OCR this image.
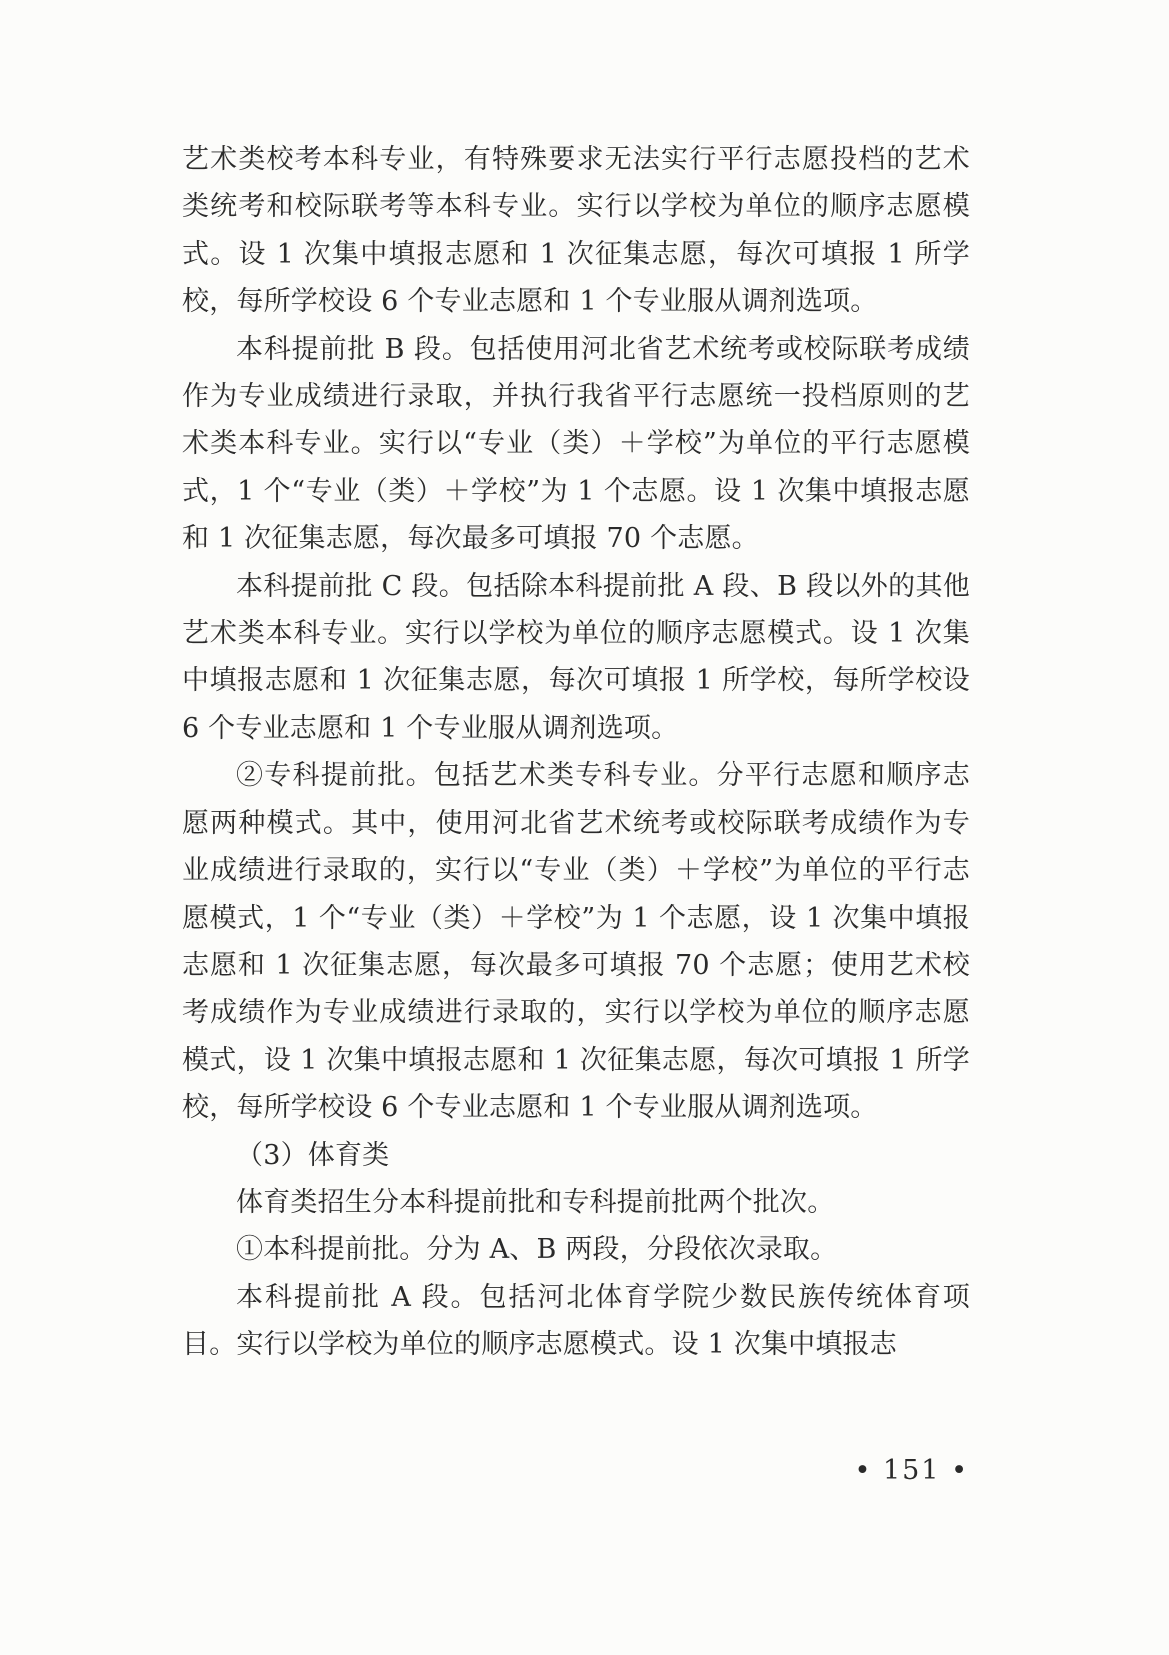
艺术类校考本科专业，有特殊要求无法实行平行志愿投档的艺术类统考和校际联考等本科专业。实行以学校为单位的顺序志愿模式。设 1 次集中填报志愿和 1 次征集志愿，每次可填报 1 所学校，每所学校设 6 个专业志愿和 1 个专业服从调剂选项。

本科提前批 B 段。包括使用河北省艺术统考或校际联考成绩作为专业成绩进行录取，并执行我省平行志愿统一投档原则的艺术类本科专业。实行以“专业（类）＋学校”为单位的平行志愿模式，1 个“专业（类）＋学校”为 1 个志愿。设 1 次集中填报志愿和 1 次征集志愿，每次最多可填报 70 个志愿。

本科提前批 C 段。包括除本科提前批 A 段、B 段以外的其他艺术类本科专业。实行以学校为单位的顺序志愿模式。设 1 次集中填报志愿和 1 次征集志愿，每次可填报 1 所学校，每所学校设 6 个专业志愿和 1 个专业服从调剂选项。

②专科提前批。包括艺术类专科专业。分平行志愿和顺序志愿两种模式。其中，使用河北省艺术统考或校际联考成绩作为专业成绩进行录取的，实行以“专业（类）＋学校”为单位的平行志愿模式，1 个“专业（类）＋学校”为 1 个志愿，设 1 次集中填报志愿和 1 次征集志愿，每次最多可填报 70 个志愿；使用艺术校考成绩作为专业成绩进行录取的，实行以学校为单位的顺序志愿模式，设 1 次集中填报志愿和 1 次征集志愿，每次可填报 1 所学校，每所学校设 6 个专业志愿和 1 个专业服从调剂选项。

（3）体育类

体育类招生分本科提前批和专科提前批两个批次。

①本科提前批。分为 A、B 两段，分段依次录取。

本科提前批 A 段。包括河北体育学院少数民族传统体育项目。实行以学校为单位的顺序志愿模式。设 1 次集中填报志

• 151 •
